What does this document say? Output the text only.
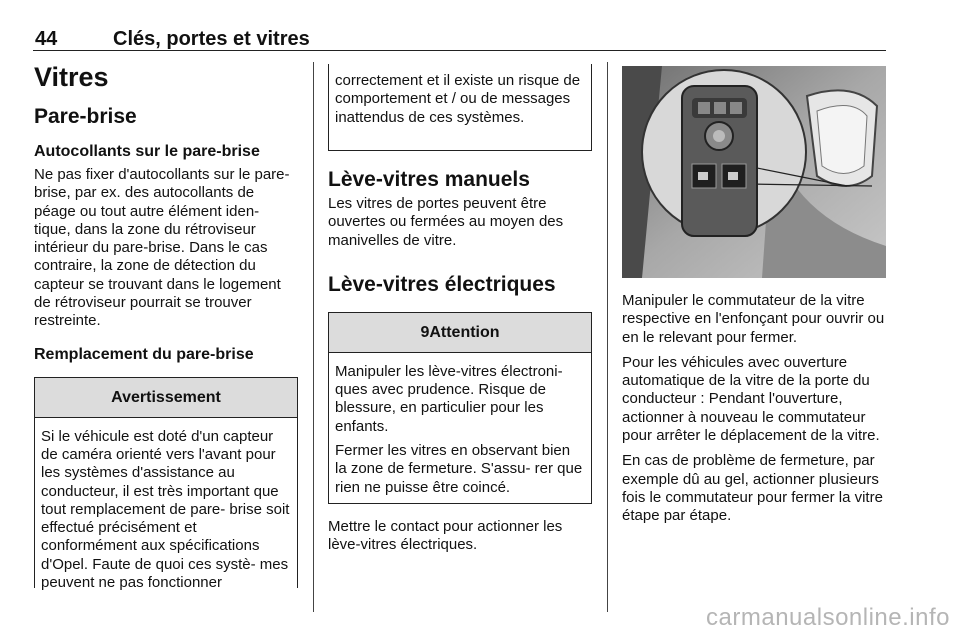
44	Clés, portes et vitres
Vitres
Pare-brise
Autocollants sur le pare-brise

Ne pas fixer d'autocollants sur le pare-brise, par ex. des autocollants de péage ou tout autre élément iden- tique, dans la zone du rétroviseur intérieur du pare-brise. Dans le cas contraire, la zone de détection du capteur se trouvant dans le logement de rétroviseur pourrait se trouver restreinte.

Remplacement du pare-brise
Avertissement

Si le véhicule est doté d'un capteur de caméra orienté vers l'avant pour les systèmes d'assistance au conducteur, il est très important que tout remplacement de pare- brise soit effectué précisément et conformément aux spécifications d'Opel. Faute de quoi ces systè- mes peuvent ne pas fonctionner

correctement et il existe un risque de comportement et / ou de messages inattendus de ces systèmes.

Lève-vitres manuels

Les vitres de portes peuvent être ouvertes ou fermées au moyen des manivelles de vitre.

Lève-vitres électriques
9Attention

Manipuler les lève-vitres électroni- ques avec prudence. Risque de blessure, en particulier pour les enfants.

Fermer les vitres en observant bien la zone de fermeture. S'assu- rer que rien ne puisse être coincé.

Mettre le contact pour actionner les lève-vitres électriques.

Manipuler le commutateur de la vitre respective en l'enfonçant pour ouvrir ou en le relevant pour fermer.

Pour les véhicules avec ouverture automatique de la vitre de la porte du conducteur : Pendant l'ouverture, actionner à nouveau le commutateur pour arrêter le déplacement de la vitre.

En cas de problème de fermeture, par exemple dû au gel, actionner plusieurs fois le commutateur pour fermer la vitre étape par étape.

carmanualsonline.info
